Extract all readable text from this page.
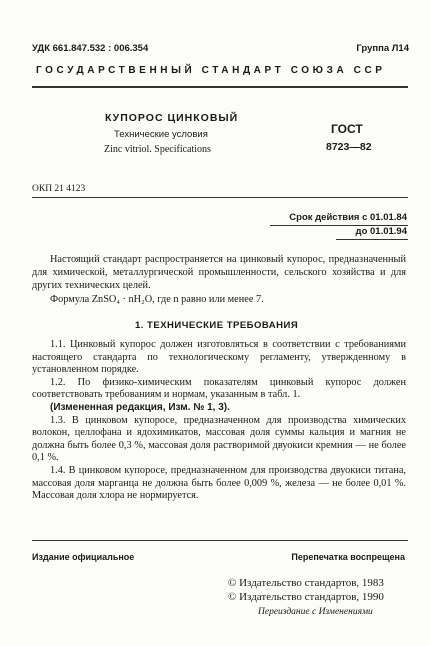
УДК 661.847.532 : 006.354	Группа Л14
ГОСУДАРСТВЕННЫЙ СТАНДАРТ СОЮЗА ССР
КУПОРОС ЦИНКОВЫЙ
Технические условия
Zinc vitriol. Specifications
ГОСТ
8723—82
ОКП 21 4123
Срок действия с 01.01.84
до 01.01.94

Настоящий стандарт распространяется на цинковый купорос, предназначенный для химической, металлургической промышленности, сельского хозяйства и для других технических целей.

Формула ZnSO₄ · nH₂O, где n равно или менее 7.

1. ТЕХНИЧЕСКИЕ ТРЕБОВАНИЯ

1.1. Цинковый купорос должен изготовляться в соответствии с требованиями настоящего стандарта по технологическому регламенту, утвержденному в установленном порядке.

1.2. По физико-химическим показателям цинковый купорос должен соответствовать требованиям и нормам, указанным в табл. 1.

(Измененная редакция, Изм. № 1, 3).

1.3. В цинковом купоросе, предназначенном для производства химических волокон, целлофана и ядохимикатов, массовая доля суммы кальция и магния не должна быть более 0,3 %, массовая доля растворимой двуокиси кремния — не более 0,1 %.

1.4. В цинковом купоросе, предназначенном для производства двуокиси титана, массовая доля марганца не должна быть более 0,009 %, железа — не более 0,01 %. Массовая доля хлора не нормируется.

Издание официальное	Перепечатка воспрещена
© Издательство стандартов, 1983
© Издательство стандартов, 1990
Переиздание с Изменениями
